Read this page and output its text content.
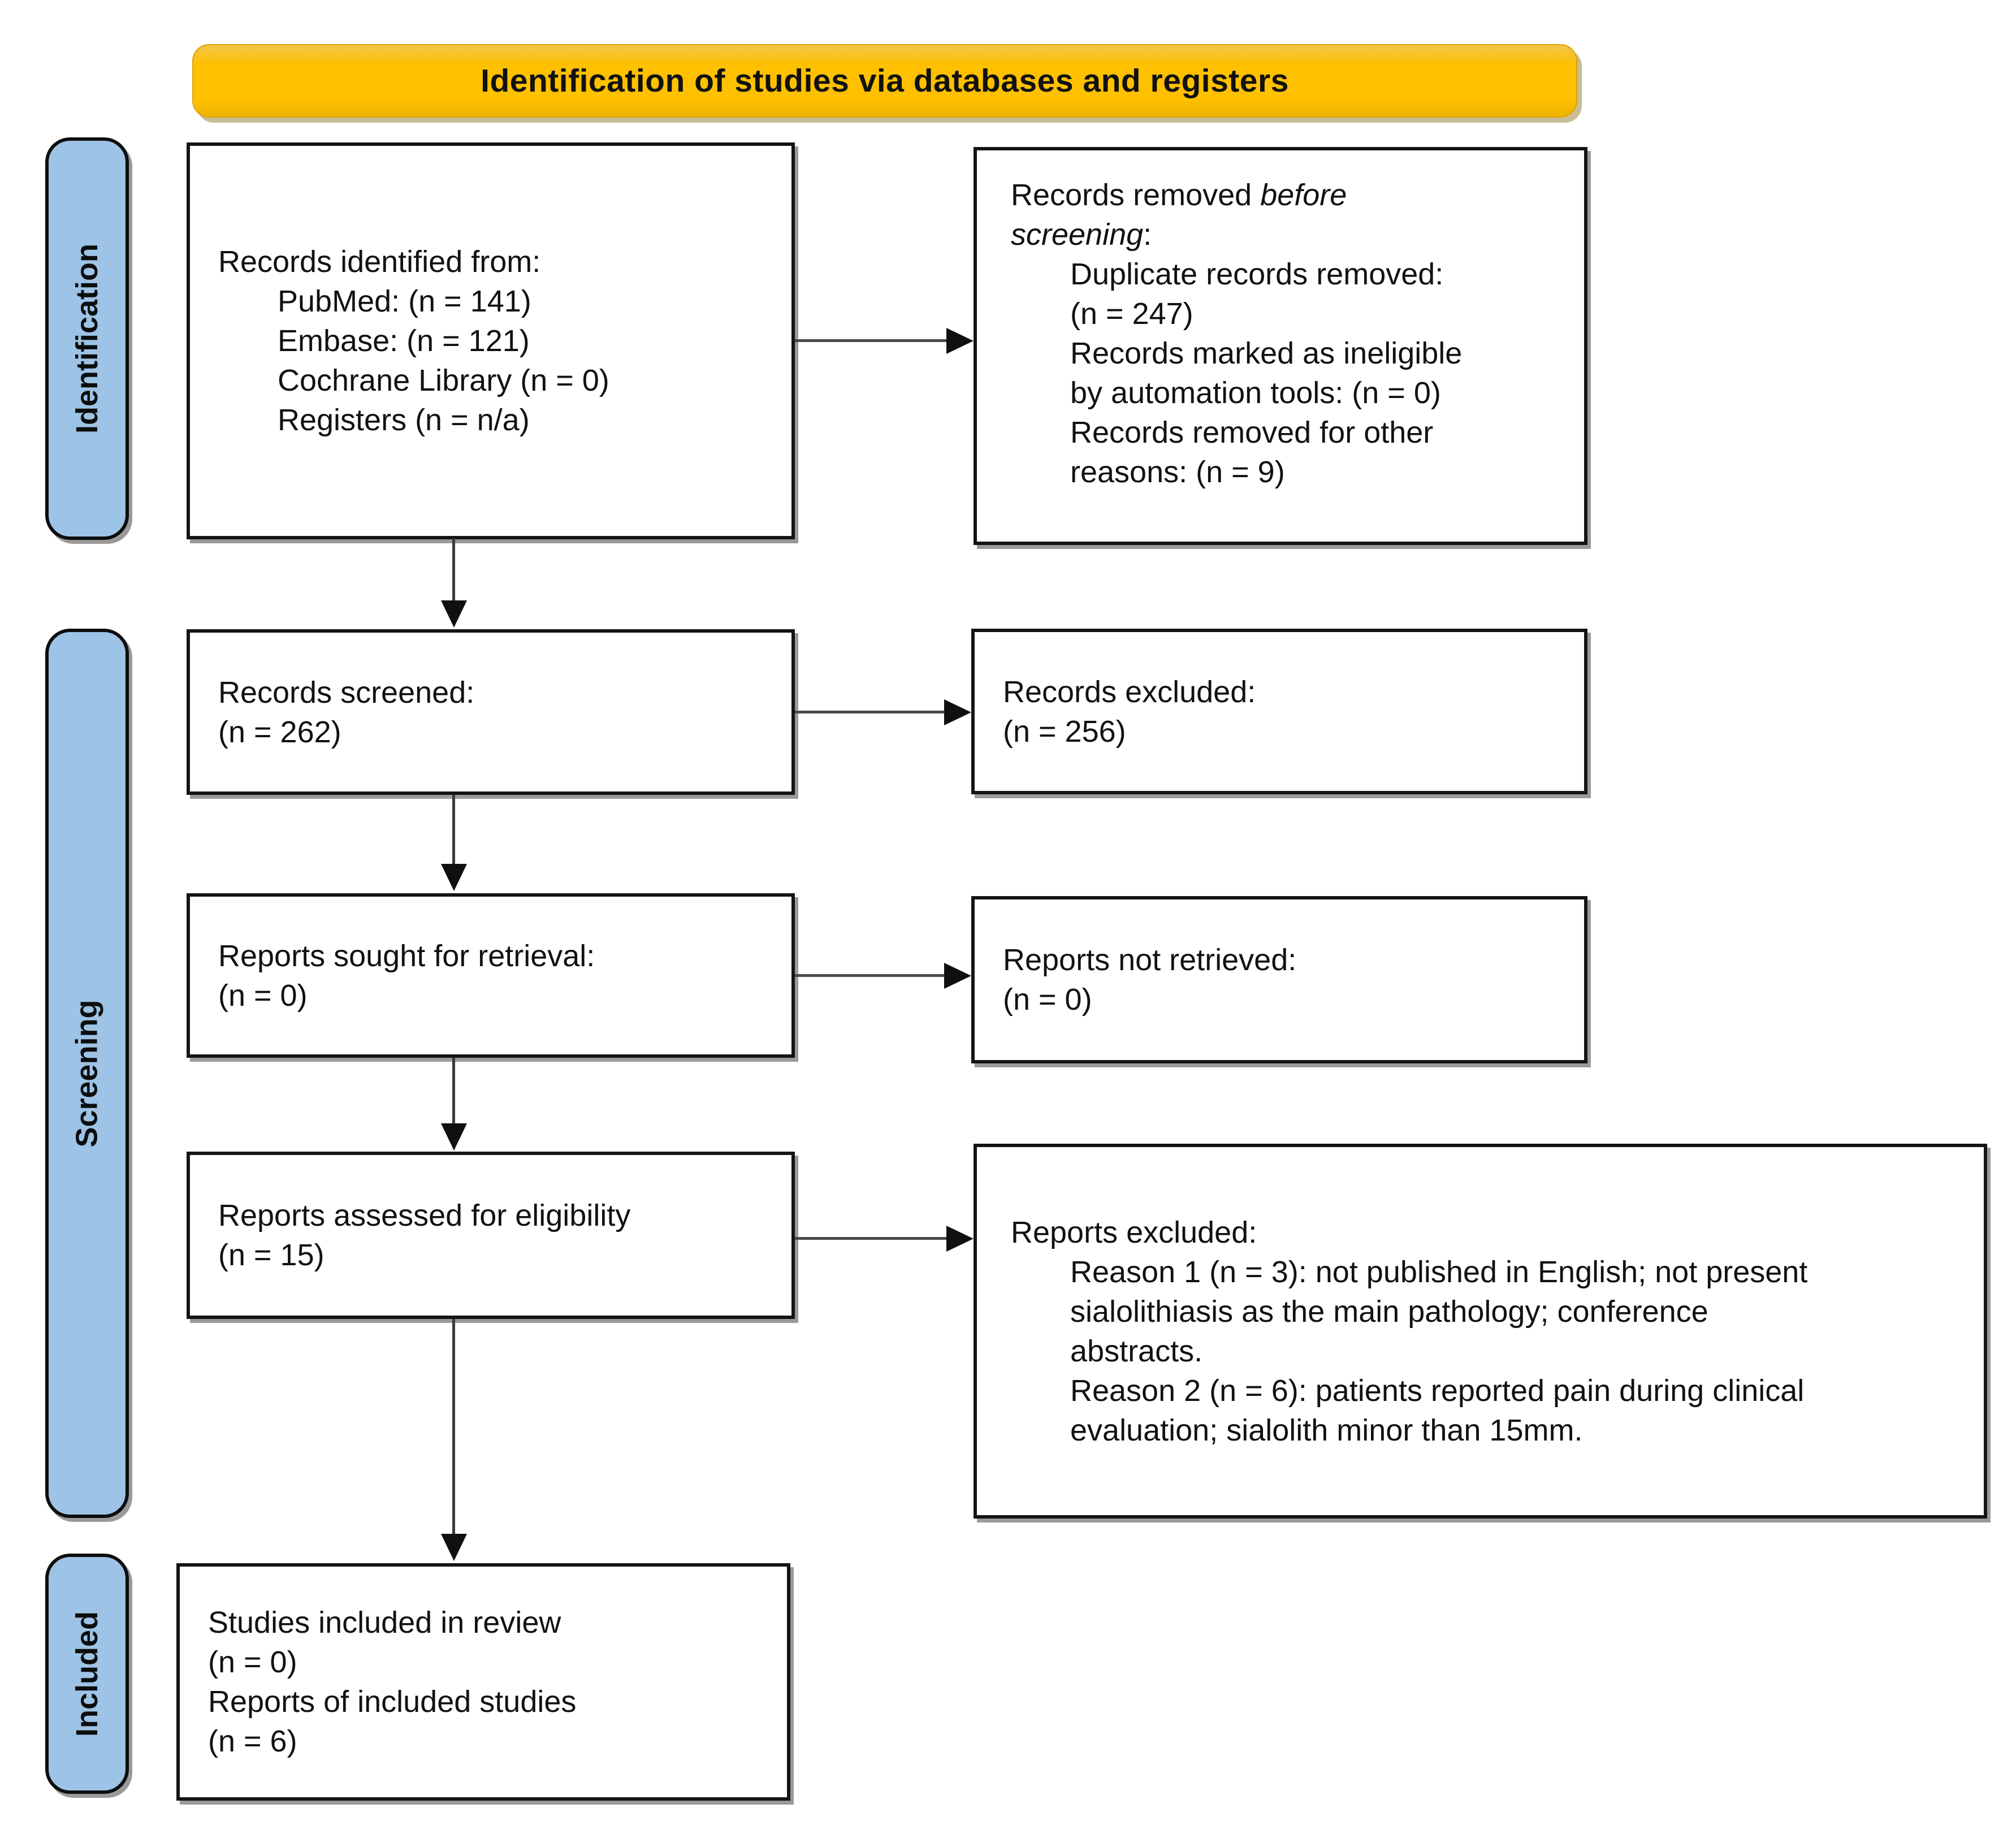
Identification of studies via databases and registers
Identification
Screening
Included
Records identified from:
PubMed: (n = 141)
Embase: (n = 121)
Cochrane Library (n = 0)
Registers (n = n/a)
Records removed before
screening:
Duplicate records removed:
(n = 247)
Records marked as ineligible
by automation tools: (n = 0)
Records removed for other
reasons: (n = 9)
Records screened:
(n = 262)
Records excluded:
(n = 256)
Reports sought for retrieval:
(n = 0)
Reports not retrieved:
(n = 0)
Reports assessed for eligibility
(n = 15)
Reports excluded:
Reason 1 (n = 3): not published in English; not present
sialolithiasis as the main pathology; conference
abstracts.
Reason 2 (n = 6): patients reported pain during clinical
evaluation; sialolith minor than 15mm.
Studies included in review
(n = 0)
Reports of included studies
(n = 6)
